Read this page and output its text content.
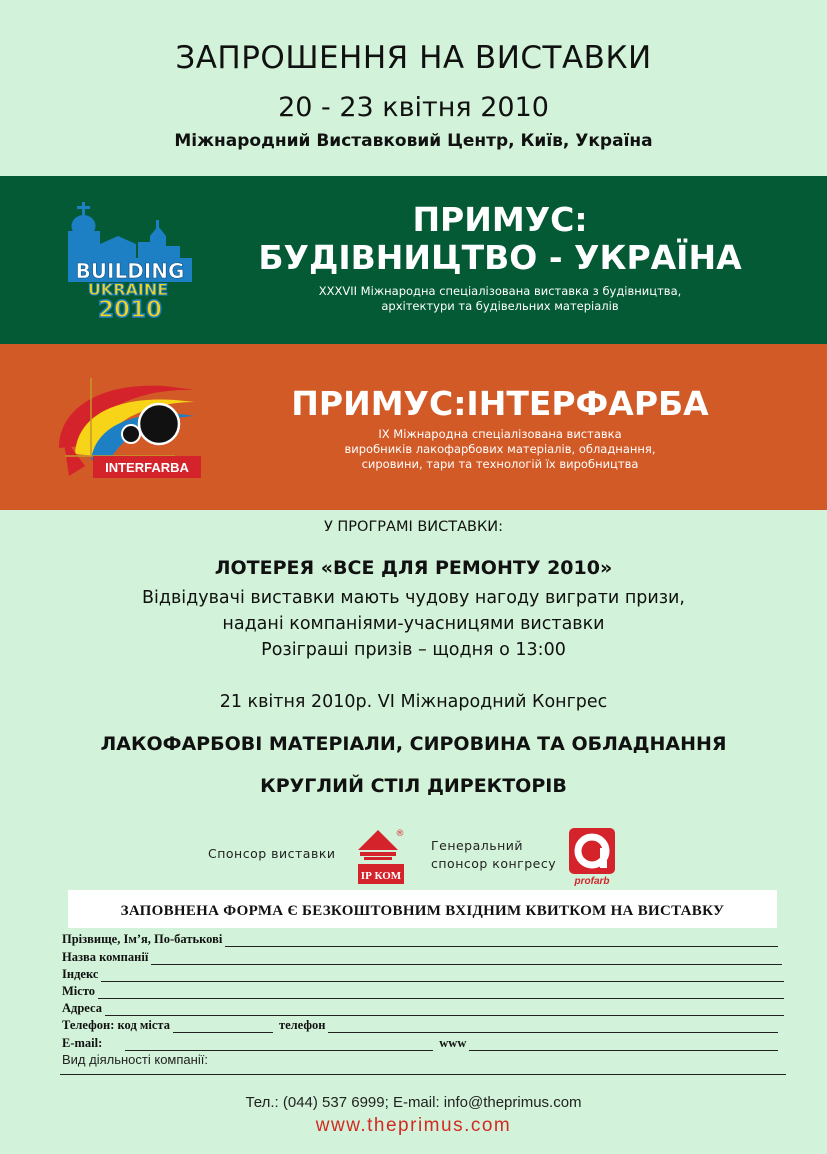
ЗАПРОШЕННЯ НА ВИСТАВКИ
20 - 23 квітня 2010
Міжнародний Виставковий Центр, Київ, Україна
BUILDING
UKRAINE
2010
ПРИМУС:
БУДІВНИЦТВО - УКРАЇНА
XXXVII Міжнародна спеціалізована виставка з будівництва,
архітектури та будівельних матеріалів
INTERFARBA
ПРИМУС:ІНТЕРФАРБА
IX Міжнародна спеціалізована виставка
виробників лакофарбових матеріалів, обладнання,
сировини, тари та технологій їх виробництва
У ПРОГРАМІ ВИСТАВКИ:
ЛОТЕРЕЯ «ВСЕ ДЛЯ РЕМОНТУ 2010»
Відвідувачі виставки мають чудову нагоду виграти призи,
надані компаніями-учасницями виставки
Розіграші призів – щодня о 13:00
21 квітня 2010р. VI Міжнародний Конгрес
ЛАКОФАРБОВІ МАТЕРІАЛИ, СИРОВИНА ТА ОБЛАДНАННЯ
КРУГЛИЙ СТІЛ ДИРЕКТОРІВ
Спонсор виставки
ІР КОМ
®
Генеральний
спонсор конгресу
profarb
ЗАПОВНЕНА ФОРМА Є БЕЗКОШТОВНИМ ВХІДНИМ КВИТКОМ НА ВИСТАВКУ
Прізвище, Ім’я, По-батькові
Назва компанії
Індекс
Місто
Адреса
Телефон: код міста	телефон
E-mail:	www
Вид діяльності компанії:
Тел.: (044) 537 6999; E-mail: info@theprimus.com
www.theprimus.com
